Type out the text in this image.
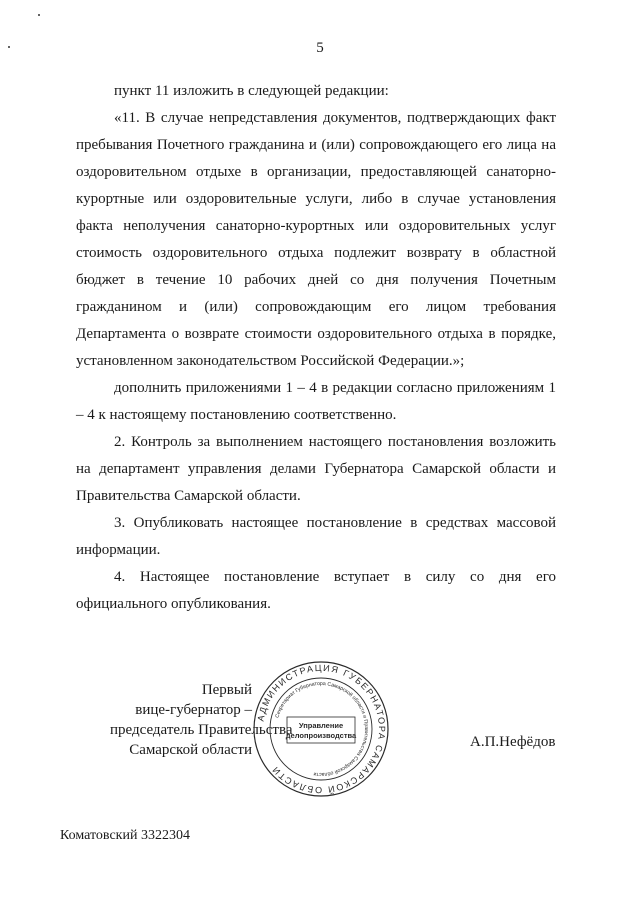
5

пункт 11 изложить в следующей редакции:

«11. В случае непредставления документов, подтверждающих факт пребывания Почетного гражданина и (или) сопровождающего его лица на оздоровительном отдыхе в организации, предоставляющей санаторно-курортные или оздоровительные услуги, либо в случае установления факта неполучения санаторно-курортных или оздоровительных услуг стоимость оздоровительного отдыха подлежит возврату в областной бюджет в течение 10 рабочих дней со дня получения Почетным гражданином и (или) сопровождающим его лицом требования Департамента о возврате стоимости оздоровительного отдыха в порядке, установленном законодательством Российской Федерации.»;

дополнить приложениями 1 – 4 в редакции согласно приложениям 1 – 4 к настоящему постановлению соответственно.

2. Контроль за выполнением настоящего постановления возложить на департамент управления делами Губернатора Самарской области и Правительства Самарской области.

3. Опубликовать настоящее постановление в средствах массовой информации.

4. Настоящее постановление вступает в силу со дня его официального опубликования.

Первый
вице-губернатор –
председатель Правительства
Самарской области
АДМИНИСТРАЦИЯ ГУБЕРНАТОРА САМАРСКОЙ ОБЛАСТИ
Секретариат Губернатора Самарской области и Правительства Самарской области
Управление
делопроизводства	А.П.Нефёдов
Коматовский 3322304
